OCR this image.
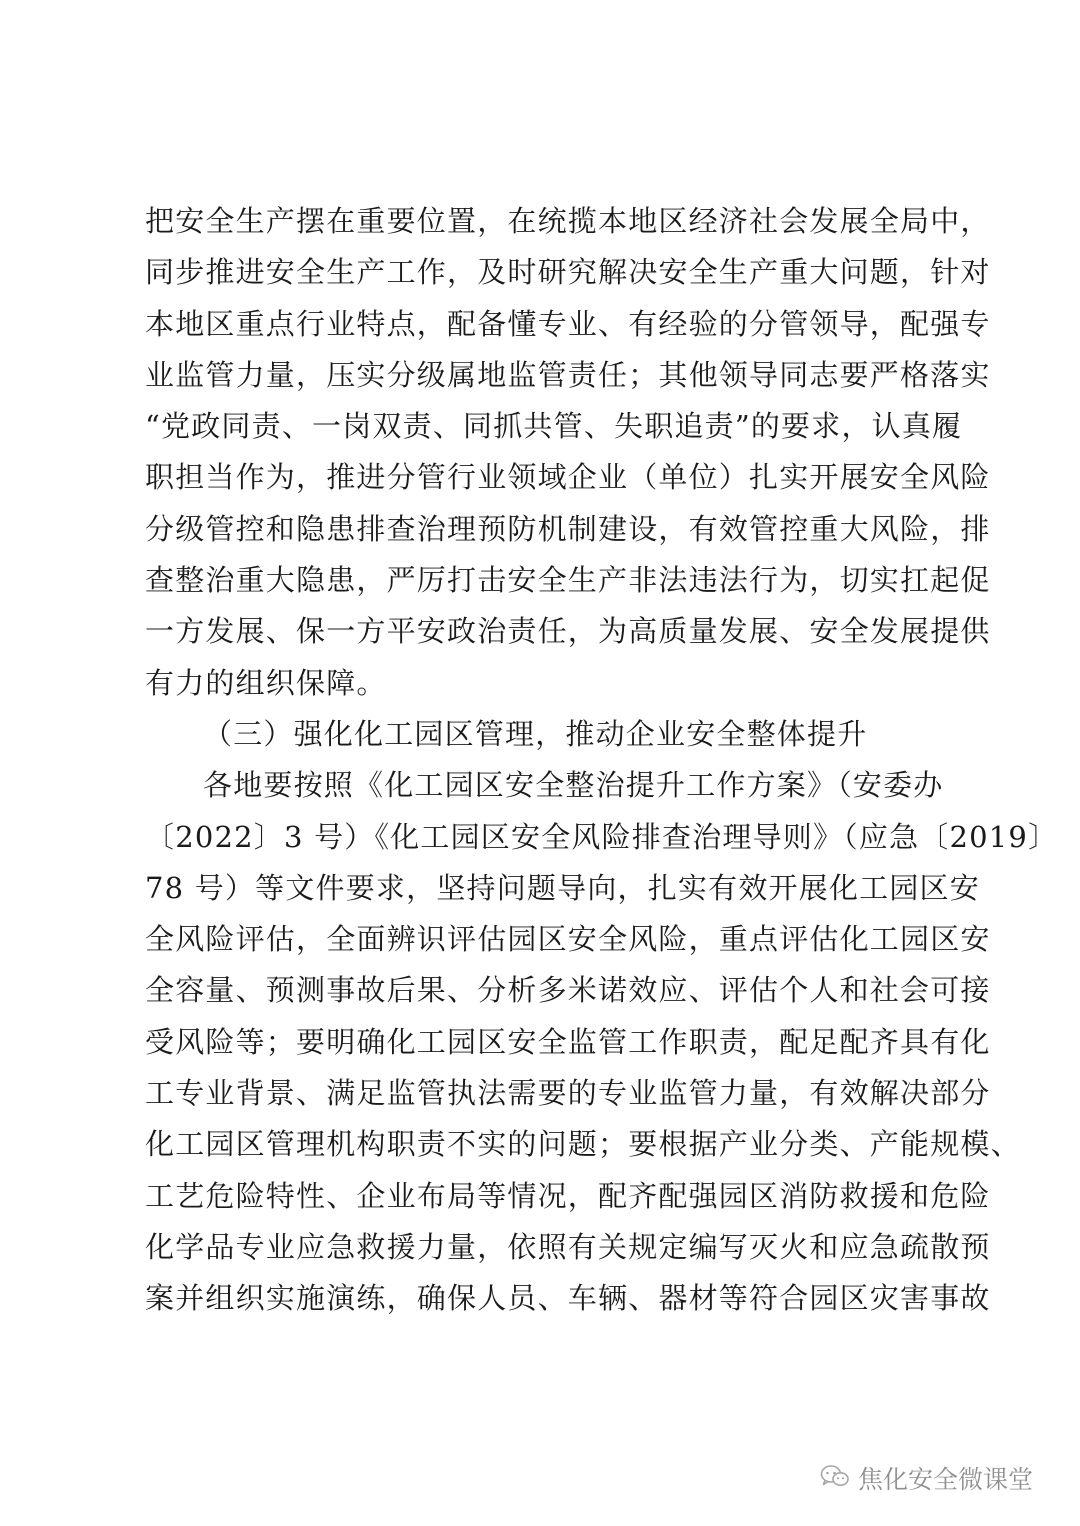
把安全生产摆在重要位置，在统揽本地区经济社会发展全局中，
同步推进安全生产工作，及时研究解决安全生产重大问题，针对
本地区重点行业特点，配备懂专业、有经验的分管领导，配强专
业监管力量，压实分级属地监管责任；其他领导同志要严格落实
“党政同责、一岗双责、同抓共管、失职追责”的要求，认真履
职担当作为，推进分管行业领域企业（单位）扎实开展安全风险
分级管控和隐患排查治理预防机制建设，有效管控重大风险，排
查整治重大隐患，严厉打击安全生产非法违法行为，切实扛起促
一方发展、保一方平安政治责任，为高质量发展、安全发展提供
有力的组织保障。
（三）强化化工园区管理，推动企业安全整体提升
各地要按照《化工园区安全整治提升工作方案》（安委办
〔2022〕3 号）《化工园区安全风险排查治理导则》（应急〔2019〕
78 号）等文件要求，坚持问题导向，扎实有效开展化工园区安
全风险评估，全面辨识评估园区安全风险，重点评估化工园区安
全容量、预测事故后果、分析多米诺效应、评估个人和社会可接
受风险等；要明确化工园区安全监管工作职责，配足配齐具有化
工专业背景、满足监管执法需要的专业监管力量，有效解决部分
化工园区管理机构职责不实的问题；要根据产业分类、产能规模、
工艺危险特性、企业布局等情况，配齐配强园区消防救援和危险
化学品专业应急救援力量，依照有关规定编写灭火和应急疏散预
案并组织实施演练，确保人员、车辆、器材等符合园区灾害事故
焦化安全微课堂
